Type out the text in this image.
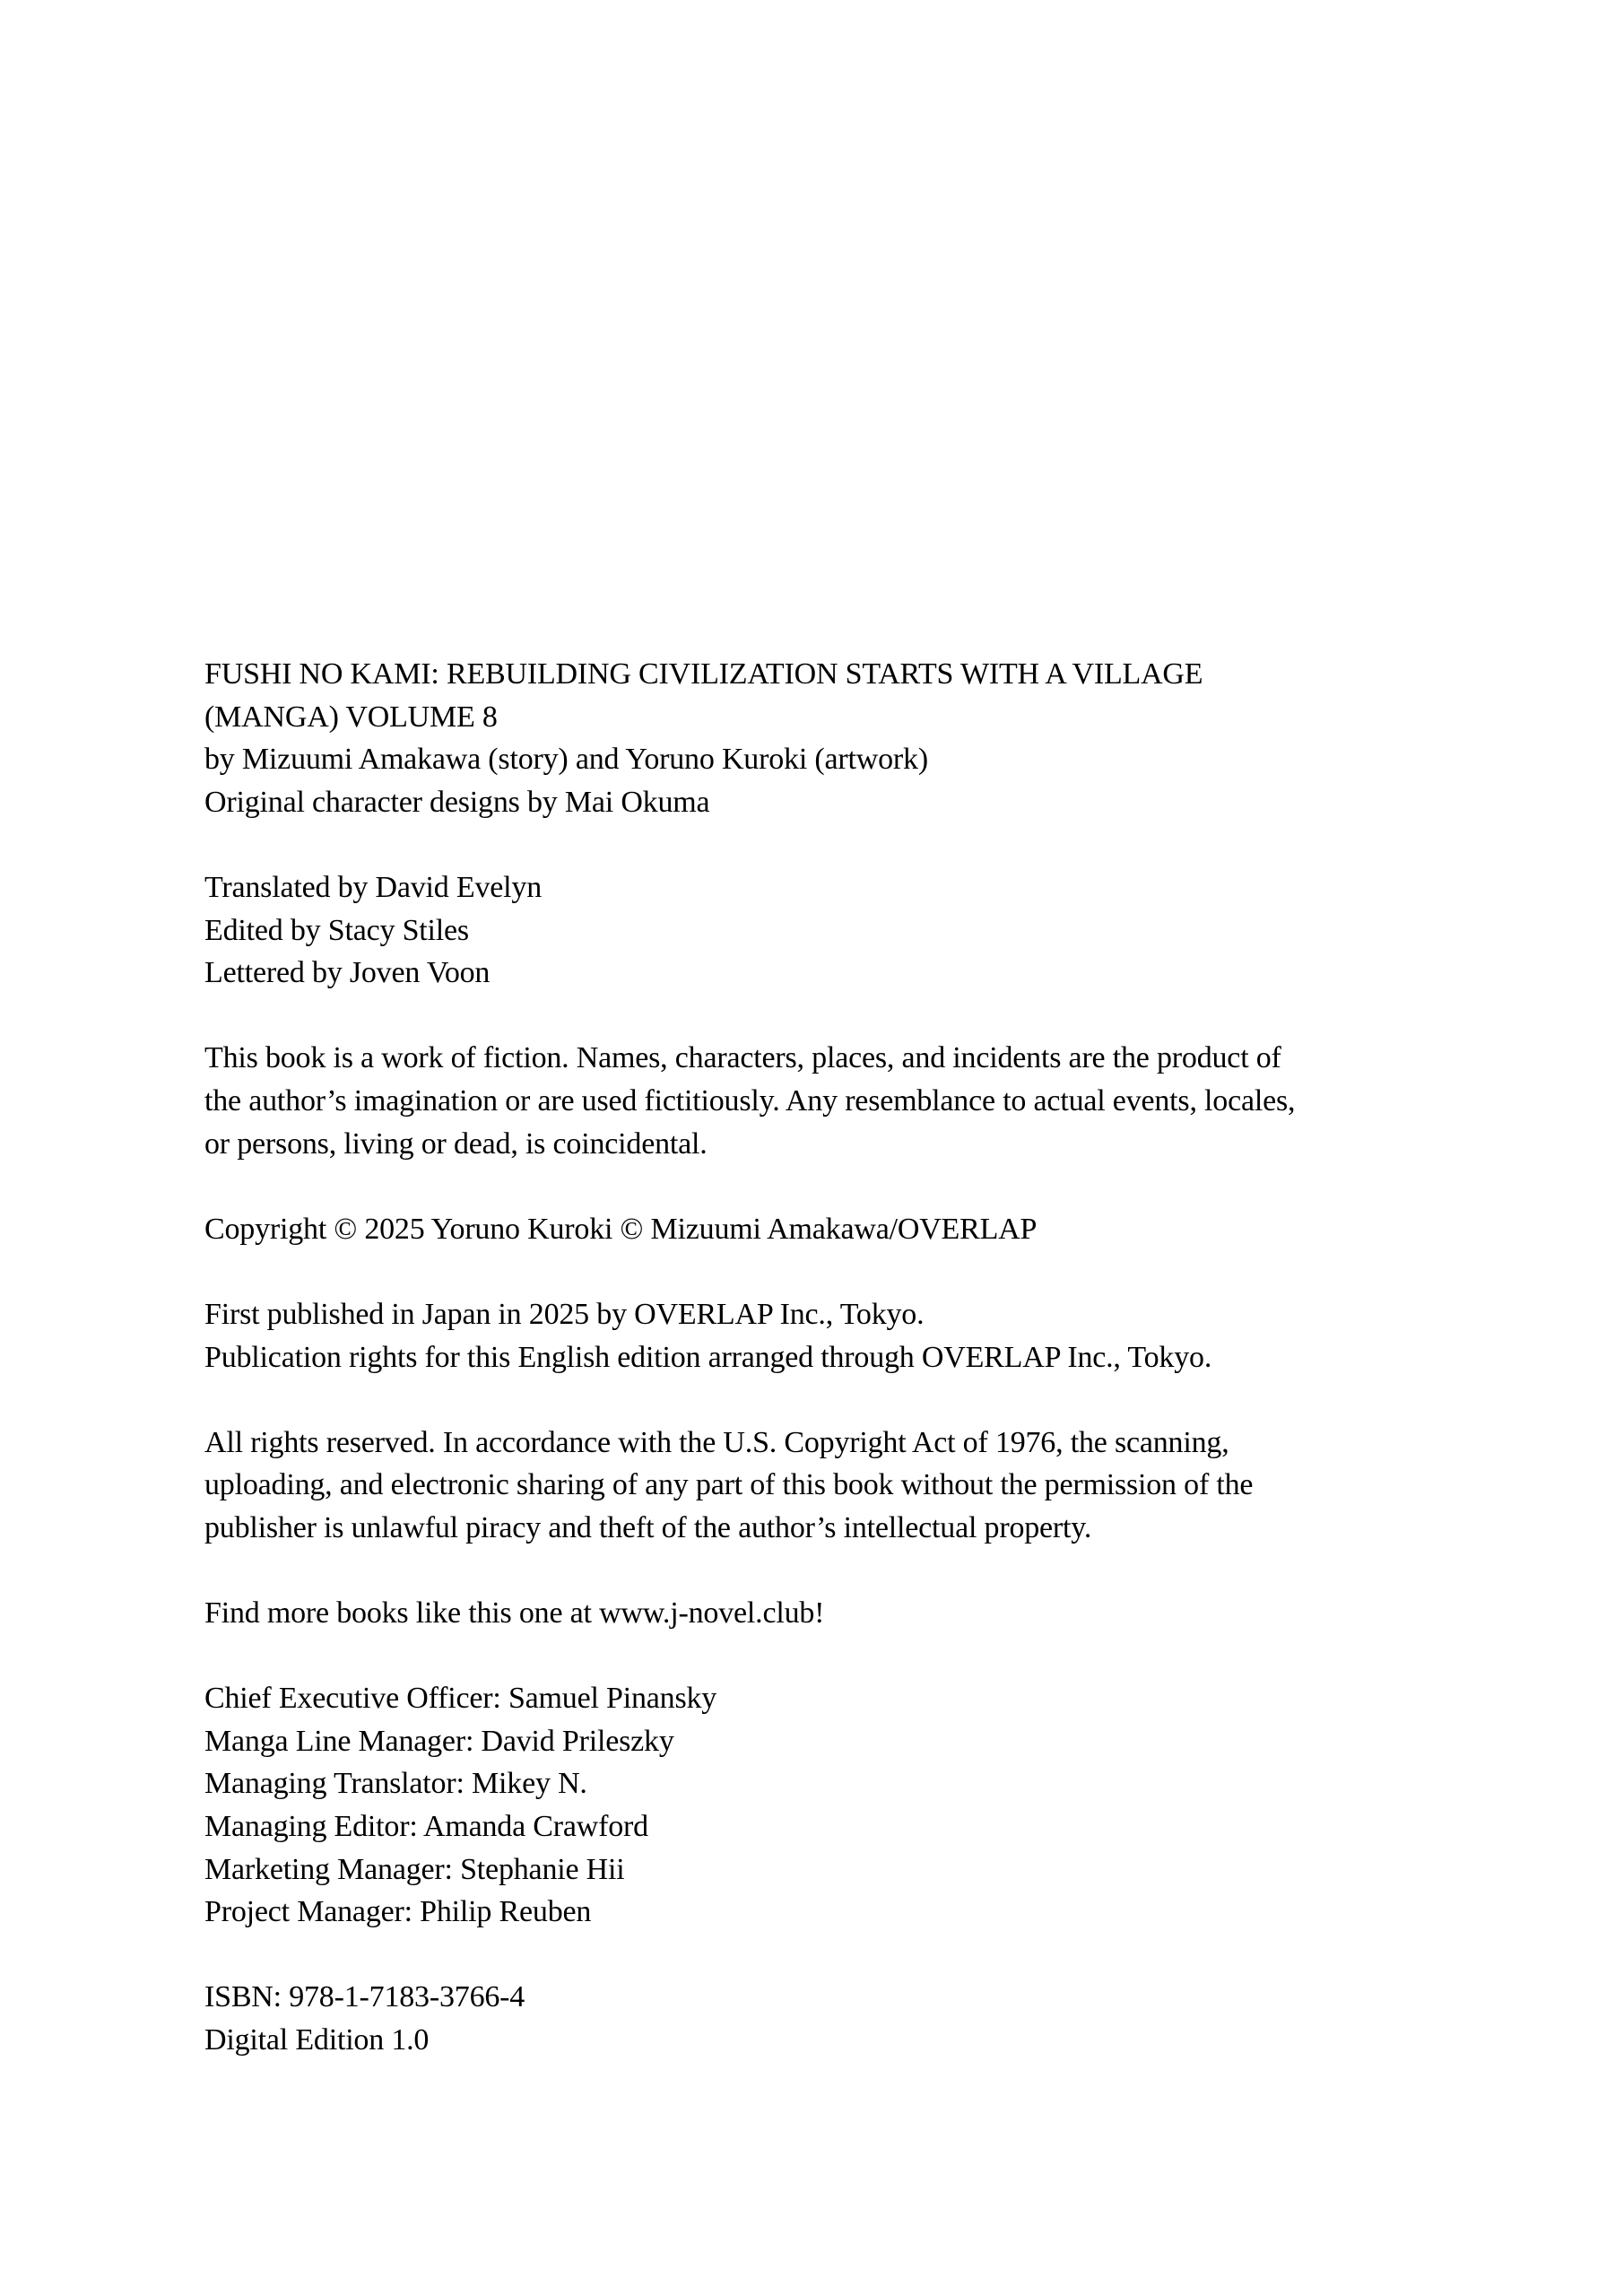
FUSHI NO KAMI: REBUILDING CIVILIZATION STARTS WITH A VILLAGE
(MANGA) VOLUME 8
by Mizuumi Amakawa (story) and Yoruno Kuroki (artwork)
Original character designs by Mai Okuma
Translated by David Evelyn
Edited by Stacy Stiles
Lettered by Joven Voon
This book is a work of fiction. Names, characters, places, and incidents are the product of
the author’s imagination or are used fictitiously. Any resemblance to actual events, locales,
or persons, living or dead, is coincidental.
Copyright © 2025 Yoruno Kuroki © Mizuumi Amakawa/OVERLAP
First published in Japan in 2025 by OVERLAP Inc., Tokyo.
Publication rights for this English edition arranged through OVERLAP Inc., Tokyo.
All rights reserved. In accordance with the U.S. Copyright Act of 1976, the scanning,
uploading, and electronic sharing of any part of this book without the permission of the
publisher is unlawful piracy and theft of the author’s intellectual property.
Find more books like this one at www.j-novel.club!
Chief Executive Officer: Samuel Pinansky
Manga Line Manager: David Prileszky
Managing Translator: Mikey N.
Managing Editor: Amanda Crawford
Marketing Manager: Stephanie Hii
Project Manager: Philip Reuben
ISBN: 978-1-7183-3766-4
Digital Edition 1.0
